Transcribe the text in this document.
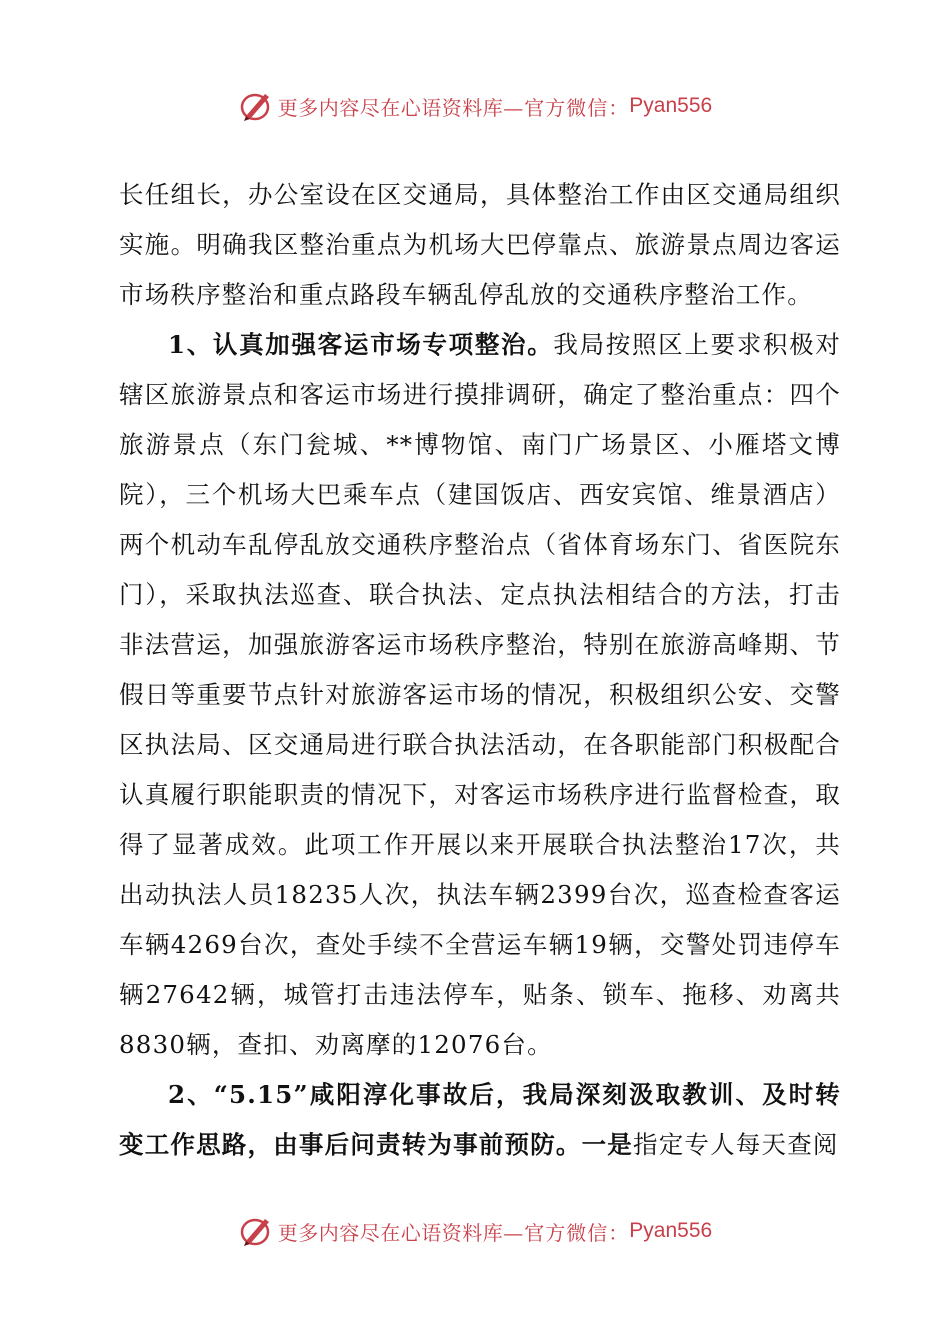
更多内容尽在心语资料库 —官方微信： Pyan556

长任组长，办公室设在区交通局，具体整治工作由区交通局组织实施。明确我区整治重点为机场大巴停靠点、旅游景点周边客运市场秩序整治和重点路段车辆乱停乱放的交通秩序整治工作。

1、认真加强客运市场专项整治。我局按照区上要求积极对辖区旅游景点和客运市场进行摸排调研，确定了整治重点：四个旅游景点（东门瓮城、**博物馆、南门广场景区、小雁塔文博院），三个机场大巴乘车点（建国饭店、西安宾馆、维景酒店）两个机动车乱停乱放交通秩序整治点（省体育场东门、省医院东门），采取执法巡查、联合执法、定点执法相结合的方法，打击非法营运，加强旅游客运市场秩序整治，特别在旅游高峰期、节假日等重要节点针对旅游客运市场的情况，积极组织公安、交警区执法局、区交通局进行联合执法活动，在各职能部门积极配合认真履行职能职责的情况下，对客运市场秩序进行监督检查，取得了显著成效。此项工作开展以来开展联合执法整治17次，共出动执法人员18235人次，执法车辆2399台次，巡查检查客运车辆4269台次，查处手续不全营运车辆19辆，交警处罚违停车辆27642辆，城管打击违法停车，贴条、锁车、拖移、劝离共8830辆，查扣、劝离摩的12076台。

2、“5.15”咸阳淳化事故后，我局深刻汲取教训、及时转变工作思路，由事后问责转为事前预防。一是指定专人每天查阅

更多内容尽在心语资料库 —官方微信： Pyan556
